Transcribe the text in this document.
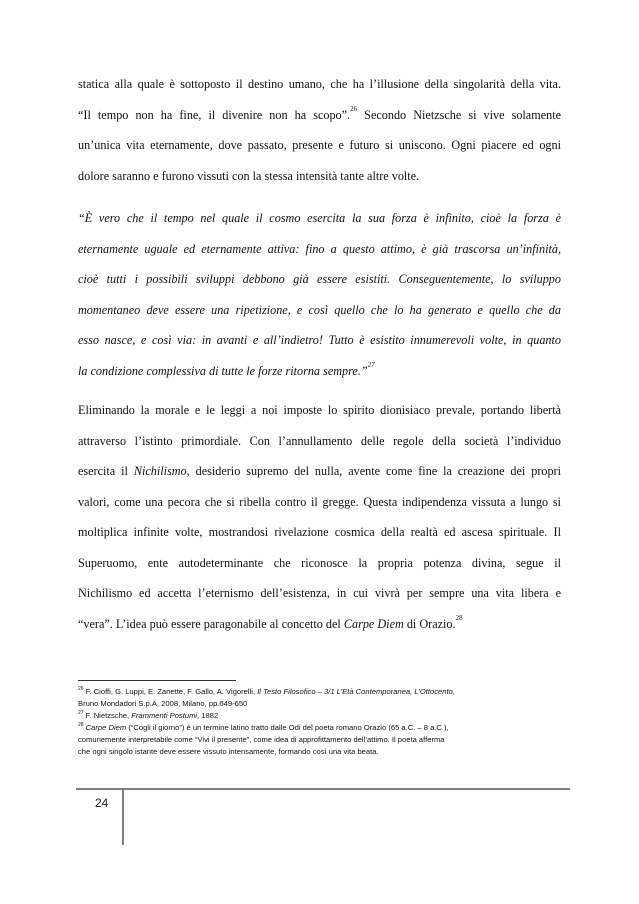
statica alla quale è sottoposto il destino umano, che ha l’illusione della singolarità della vita.
“Il tempo non ha fine, il divenire non ha scopo”.$^{26}$ Secondo Nietzsche si vive solamente
un’unica vita eternamente, dove passato, presente e futuro si uniscono. Ogni piacere ed ogni
dolore saranno e furono vissuti con la stessa intensità tante altre volte.
“È vero che il tempo nel quale il cosmo esercita la sua forza è infinito, cioè la forza è
eternamente uguale ed eternamente attiva: fino a questo attimo, è già trascorsa un’infinità,
cioè tutti i possibili sviluppi debbono già essere esistiti. Conseguentemente, lo sviluppo
momentaneo deve essere una ripetizione, e così quello che lo ha generato e quello che da
esso nasce, e così via: in avanti e all’indietro! Tutto è esistito innumerevoli volte, in quanto
la condizione complessiva di tutte le forze ritorna sempre.”$^{27}$
Eliminando la morale e le leggi a noi imposte lo spirito dionisiaco prevale, portando libertà
attraverso l’istinto primordiale. Con l’annullamento delle regole della società l’individuo
esercita il Nichilismo, desiderio supremo del nulla, avente come fine la creazione dei propri
valori, come una pecora che si ribella contro il gregge. Questa indipendenza vissuta a lungo si
moltiplica infinite volte, mostrandosi rivelazione cosmica della realtà ed ascesa spirituale. Il
Superuomo, ente autodeterminante che riconosce la propria potenza divina, segue il
Nichilismo ed accetta l’eternismo dell’esistenza, in cui vivrà per sempre una vita libera e
“vera”. L’idea può essere paragonabile al concetto del Carpe Diem di Orazio.$^{28}$

$^{26}$ F. Cioffi, G. Luppi, E. Zanette, F. Gallo, A. Vigorelli, Il Testo Filosofico – 3/1 L’Età Contemporanea, L’Ottocento,

Bruno Mondadori S.p.A, 2008, Milano, pp.649-650

$^{27}$ F. Nietzsche, Frammenti Postumi, 1882

$^{28}$ Carpe Diem (“Cogli il giorno”) è un termine latino tratto dalle Odi del poeta romano Orazio (65 a.C. – 8 a.C.),

comunemente interpretabile come “Vivi il presente”, come idea di approfittamento dell’attimo. Il poeta afferma

che ogni singolo istante deve essere vissuto intensamente, formando così una vita beata.

24
